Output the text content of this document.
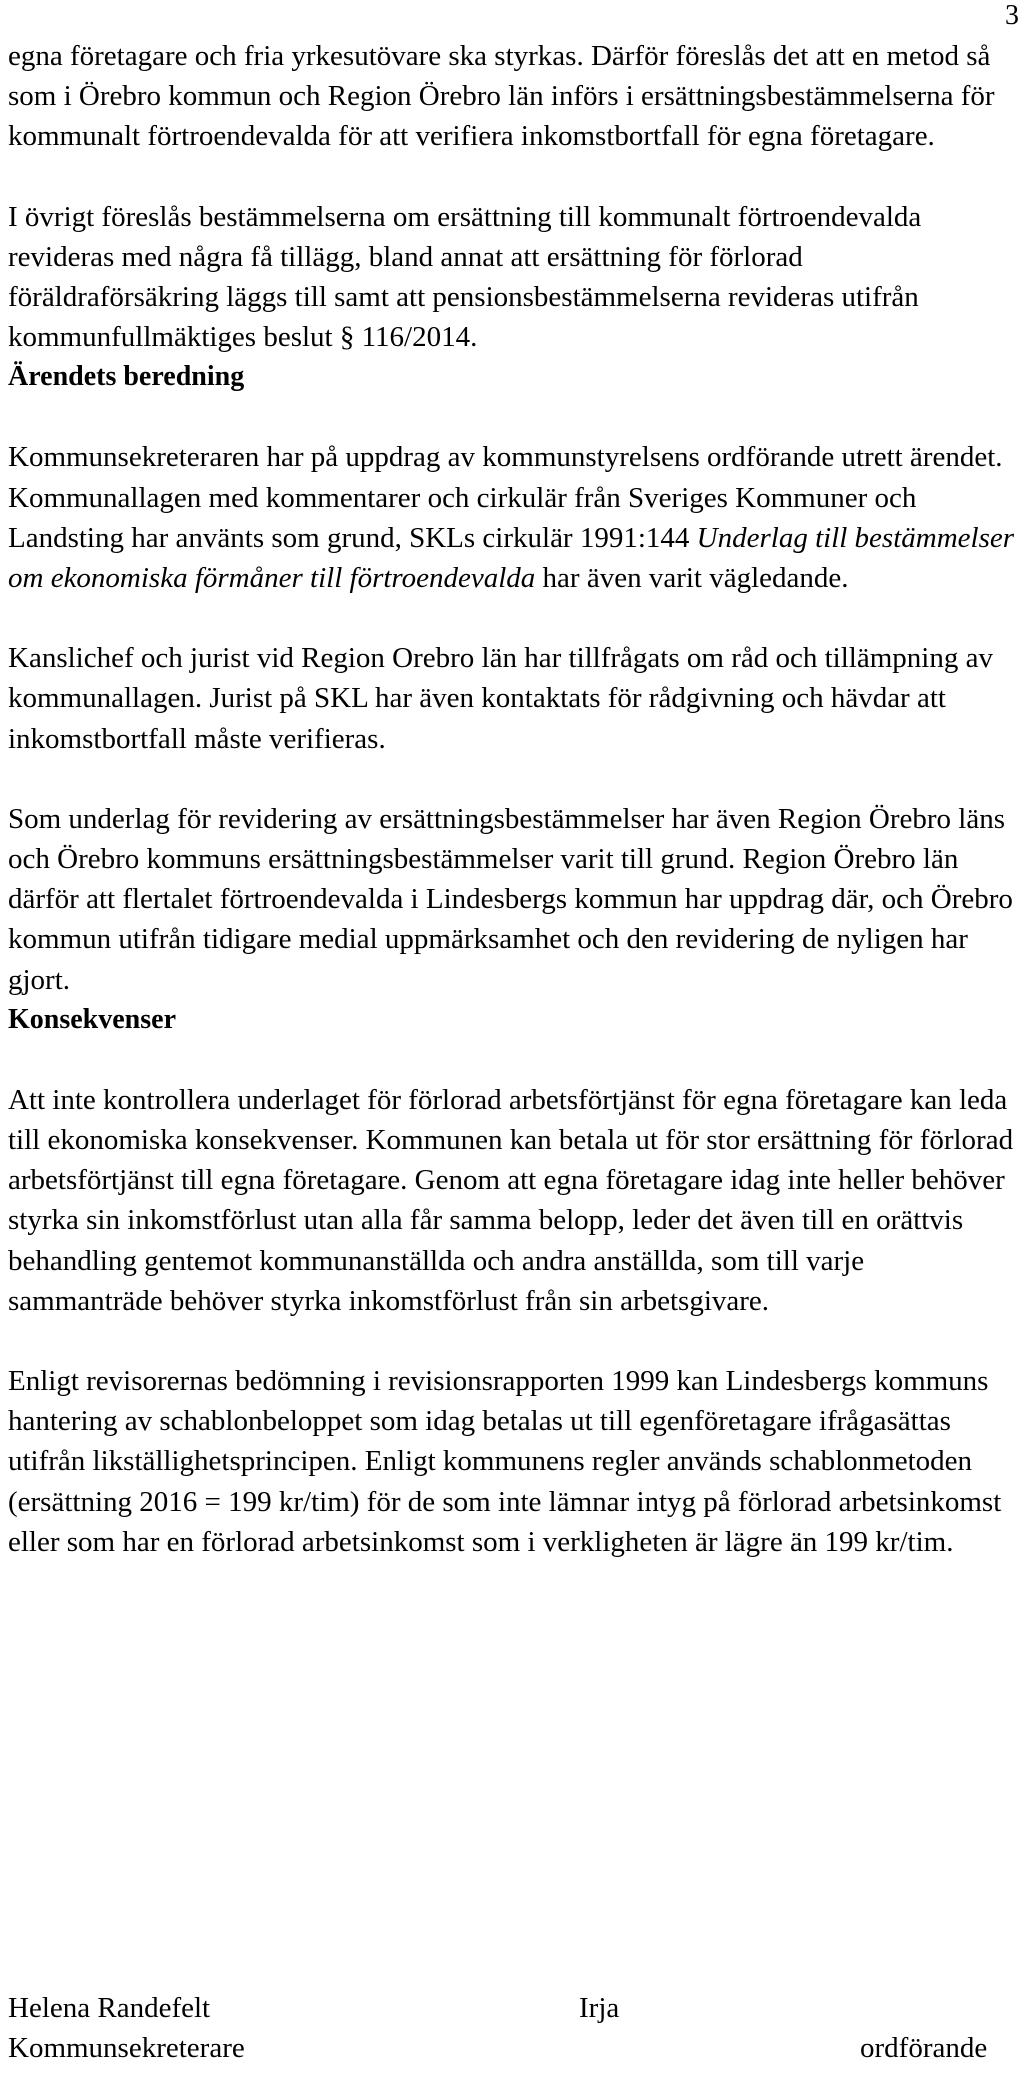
3

egna företagare och fria yrkesutövare ska styrkas. Därför föreslås det att en metod så som i Örebro kommun och Region Örebro län införs i ersättningsbestämmelserna för kommunalt förtroendevalda för att verifiera inkomstbortfall för egna företagare.

I övrigt föreslås bestämmelserna om ersättning till kommunalt förtroendevalda revideras med några få tillägg, bland annat att ersättning för förlorad föräldraförsäkring läggs till samt att pensionsbestämmelserna revideras utifrån kommunfullmäktiges beslut § 116/2014.

Ärendets beredning

Kommunsekreteraren har på uppdrag av kommunstyrelsens ordförande utrett ärendet. Kommunallagen med kommentarer och cirkulär från Sveriges Kommuner och Landsting har använts som grund, SKLs cirkulär 1991:144 Underlag till bestämmelser om ekonomiska förmåner till förtroendevalda har även varit vägledande.

Kanslichef och jurist vid Region Orebro län har tillfrågats om råd och tillämpning av kommunallagen. Jurist på SKL har även kontaktats för rådgivning och hävdar att inkomstbortfall måste verifieras.

Som underlag för revidering av ersättningsbestämmelser har även Region Örebro läns och Örebro kommuns ersättningsbestämmelser varit till grund. Region Örebro län därför att flertalet förtroendevalda i Lindesbergs kommun har uppdrag där, och Örebro kommun utifrån tidigare medial uppmärksamhet och den revidering de nyligen har gjort.

Konsekvenser

Att inte kontrollera underlaget för förlorad arbetsförtjänst för egna företagare kan leda till ekonomiska konsekvenser. Kommunen kan betala ut för stor ersättning för förlorad arbetsförtjänst till egna företagare. Genom att egna företagare idag inte heller behöver styrka sin inkomstförlust utan alla får samma belopp, leder det även till en orättvis behandling gentemot kommunanställda och andra anställda, som till varje sammanträde behöver styrka inkomstförlust från sin arbetsgivare.

Enligt revisorernas bedömning i revisionsrapporten 1999 kan Lindesbergs kommuns hantering av schablonbeloppet som idag betalas ut till egenföretagare ifrågasättas utifrån likställighetsprincipen. Enligt kommunens regler används schablonmetoden (ersättning 2016 = 199 kr/tim) för de som inte lämnar intyg på förlorad arbetsinkomst eller som har en förlorad arbetsinkomst som i verkligheten är lägre än 199 kr/tim.

Helena Randefelt
Kommunsekreterare
Irja
ordförande
